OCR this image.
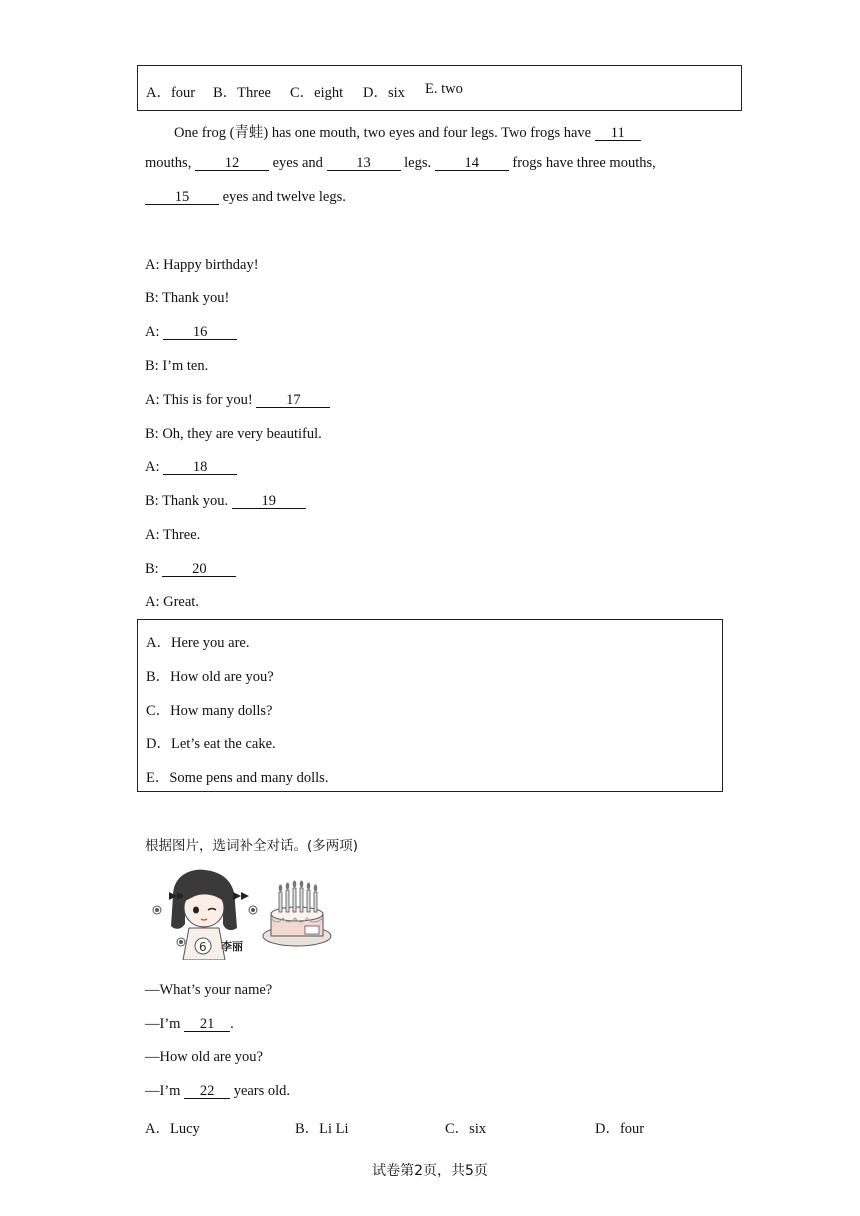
A．four B．Three C．eight D．six E. two
One frog (青蛙) has one mouth, two eyes and four legs. Two frogs have 11
mouths, 12 eyes and 13 legs. 14 frogs have three mouths,
15 eyes and twelve legs.
A: Happy birthday!
B: Thank you!
A: 16
B: I’m ten.
A: This is for you! 17
B: Oh, they are very beautiful.
A: 18
B: Thank you. 19
A: Three.
B: 20
A: Great.
A．Here you are.
B．How old are you?
C．How many dolls?
D．Let’s eat the cake.
E．Some pens and many dolls.
根据图片，选词补全对话。(多两项)
6 李丽
—What’s your name?
—I’m 21 .
—How old are you?
—I’m 22 years old.
A．Lucy	B．Li Li	C．six	D．four
试卷第2页，共5页
